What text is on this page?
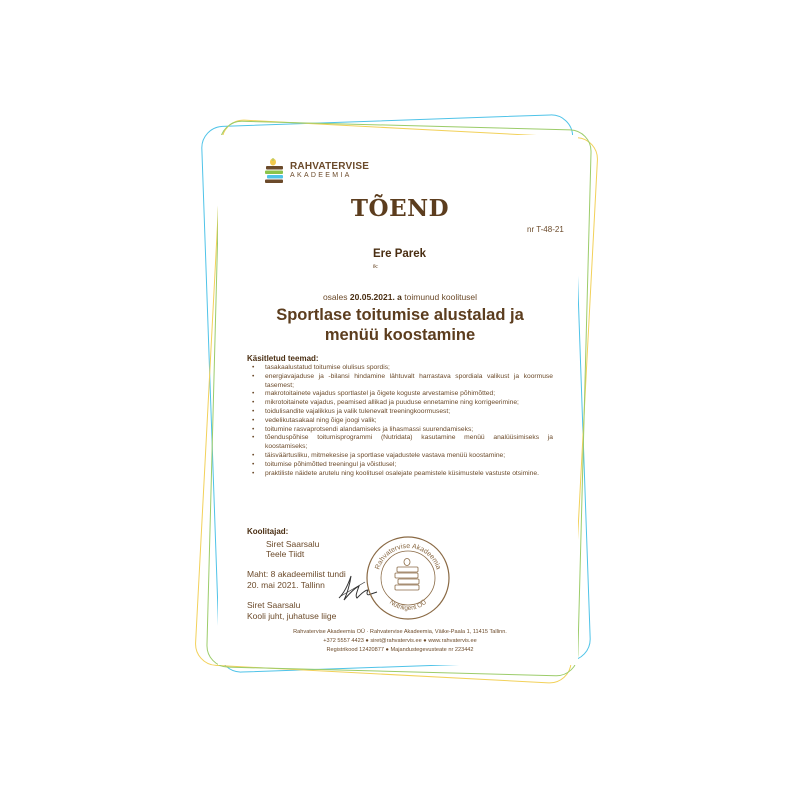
RAHVATERVISE
AKADEEMIA
TÕEND
nr T-48-21
Ere Parek
ik:
osales 20.05.2021. a toimunud koolitusel
Sportlase toitumise alustalad ja menüü koostamine
Käsitletud teemad:
• tasakaalustatud toitumise olulisus spordis;
• energiavajaduse ja -bilansi hindamine lähtuvalt harrastava spordiala valikust ja koormuse tasemest;
• makrotoitainete vajadus sportlastel ja õigete koguste arvestamise põhimõtted;
• mikrotoitainete vajadus, peamised allikad ja puuduse ennetamine ning korrigeerimine;
• toidulisandite vajalikkus ja valik tulenevalt treeningkoormusest;
• vedelikutasakaal ning õige joogi valik;
• toitumine rasvaprotsendi alandamiseks ja lihasmassi suurendamiseks;
• tõenduspõhise toitumisprogrammi (Nutridata) kasutamine menüü analüüsimiseks ja koostamiseks;
• täisväärtusliku, mitmekesise ja sportlase vajadustele vastava menüü koostamine;
• toitumise põhimõtted treeningul ja võistlusel;
• praktiliste näidete arutelu ning koolitusel osalejate peamistele küsimustele vastuste otsimine.
Koolitajad:
Siret Saarsalu
Teele Tiidt
Maht: 8 akadeemilist tundi
20. mai 2021. Tallinn
Rahvatervise Akadeemia
Nutriligent OÜ
Siret Saarsalu
Kooli juht, juhatuse liige
Rahvatervise Akadeemia OÜ · Rahvatervise Akadeemia, Väike-Paala 1, 11415 Tallinn.
+372 5557 4423 ● siret@rahvatervis.ee ● www.rahvatervis.ee
Registrikood 12420877 ● Majandustegevusteate nr 223442
